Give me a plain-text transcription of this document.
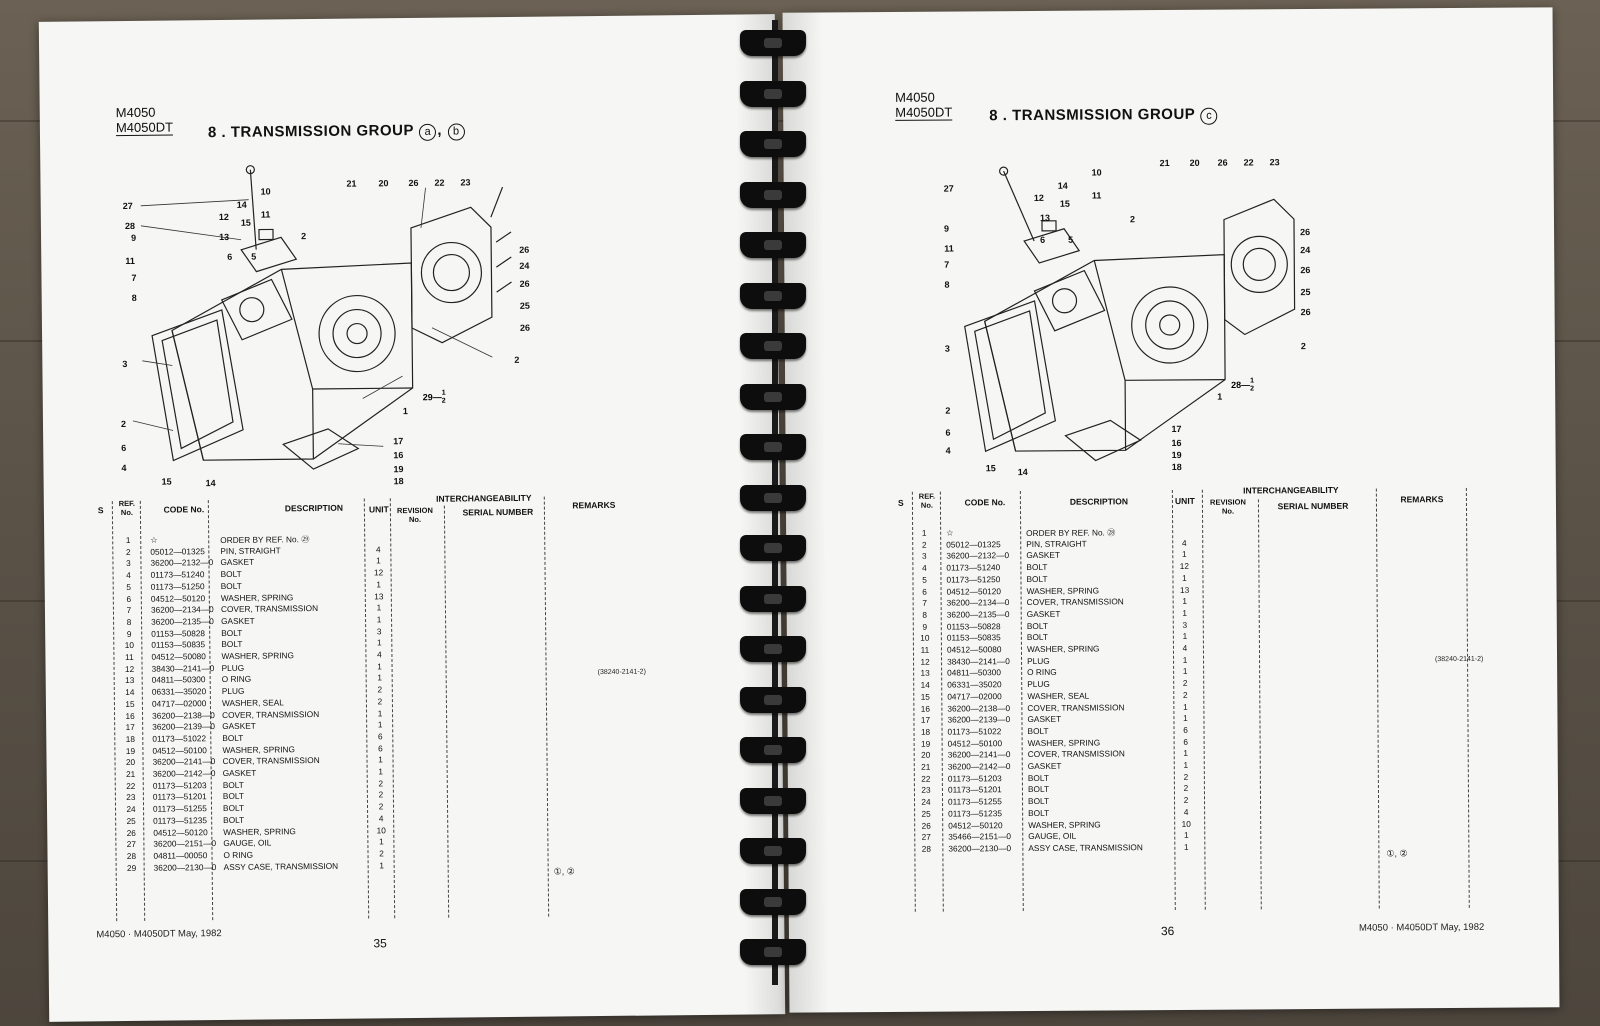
M4050
M4050DT 8 . TRANSMISSION GROUP a , b
27
28
9
11
7
8
12
14
13
15
10
11
6 5
2
21 20 26 22 23
26
24
26
25
26
2
3
1
2
6
4
15	14
17
16
19
18
29—1
2
S
REF. No.	CODE No.	DESCRIPTION	UNIT
INTERCHANGEABILITY
REVISION No.
SERIAL NUMBER
REMARKS
1	☆	ORDER BY REF. No. ㉙
2	05012—01325 PIN, STRAIGHT	4
3	36200—2132—0 GASKET	1
4	01173—51240 BOLT	12
5	01173—51250 BOLT	1
6	04512—50120 WASHER, SPRING	13
7	36200—2134—0 COVER, TRANSMISSION	1
8	36200—2135—0 GASKET	1
9	01153—50828 BOLT	3
10	01153—50835 BOLT	1
11	04512—50080 WASHER, SPRING	4
12	38430—2141—0 PLUG	1
13	04811—50300 O RING	1
14	06331—35020 PLUG	2
15	04717—02000 WASHER, SEAL	2
16	36200—2138—0 COVER, TRANSMISSION	1
17	36200—2139—0 GASKET	1
18	01173—51022 BOLT	6
19	04512—50100 WASHER, SPRING	6
20	36200—2141—0 COVER, TRANSMISSION	1
21	36200—2142—0 GASKET	1
22	01173—51203 BOLT	2
23	01173—51201 BOLT	2
24	01173—51255 BOLT	2
25	01173—51235 BOLT	4
26	04512—50120 WASHER, SPRING	10
27	36200—2151—0 GAUGE, OIL	1
28	04811—00050 O RING	2
29	36200—2130—0 ASSY CASE, TRANSMISSION	1
(38240-2141-2)
①, ②
M4050 · M4050DT May, 1982
35
M4050
M4050DT 8 . TRANSMISSION GROUP c
27
9
11
7
8
12
14
13
15
10
11
6	5
2
21 20 26 22 23
26
24
26
25
26
2
3
1
2
6
4
15 14
17
16
19
18
28—1
2
S
REF. No.	CODE No.	DESCRIPTION	UNIT
INTERCHANGEABILITY
REVISION No.	SERIAL NUMBER
REMARKS
1	☆	ORDER BY REF. No. ㉘
2	05012—01325	PIN, STRAIGHT	4
3	36200—2132—0 GASKET	1
4	01173—51240	BOLT	12
5	01173—51250	BOLT	1
6	04512—50120	WASHER, SPRING	13
7	36200—2134—0 COVER, TRANSMISSION	1
8	36200—2135—0 GASKET	1
9	01153—50828	BOLT	3
10	01153—50835	BOLT	1
11	04512—50080	WASHER, SPRING	4
12	38430—2141—0 PLUG	1
13	04811—50300	O RING	1
14	06331—35020	PLUG	2
15	04717—02000	WASHER, SEAL	2
16	36200—2138—0 COVER, TRANSMISSION	1
17	36200—2139—0 GASKET	1
18	01173—51022	BOLT	6
19	04512—50100	WASHER, SPRING	6
20	36200—2141—0 COVER, TRANSMISSION	1
21	36200—2142—0 GASKET	1
22	01173—51203	BOLT	2
23	01173—51201	BOLT	2
24	01173—51255	BOLT	2
25	01173—51235	BOLT	4
26	04512—50120	WASHER, SPRING	10
27	35466—2151—0 GAUGE, OIL	1
28	36200—2130—0 ASSY CASE, TRANSMISSION	1
(38240-2141-2)
①, ②
36	M4050 · M4050DT May, 1982
